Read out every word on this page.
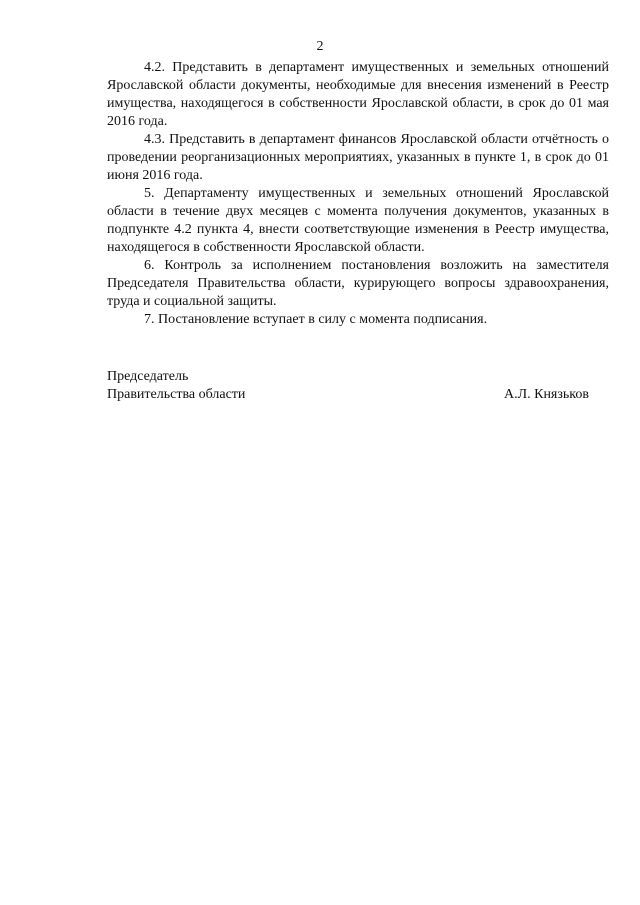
2

4.2. Представить в департамент имущественных и земельных отношений Ярославской области документы, необходимые для внесения изменений в Реестр имущества, находящегося в собственности Ярославской области, в срок до 01 мая 2016 года.

4.3. Представить в департамент финансов Ярославской области отчётность о проведении реорганизационных мероприятиях, указанных в пункте 1, в срок до 01 июня 2016 года.

5. Департаменту имущественных и земельных отношений Ярославской области в течение двух месяцев с момента получения документов, указанных в подпункте 4.2 пункта 4, внести соответствующие изменения в Реестр имущества, находящегося в собственности Ярославской области.

6. Контроль за исполнением постановления возложить на заместителя Председателя Правительства области, курирующего вопросы здравоохранения, труда и социальной защиты.

7. Постановление вступает в силу с момента подписания.

Председатель
Правительства области	А.Л. Князьков
